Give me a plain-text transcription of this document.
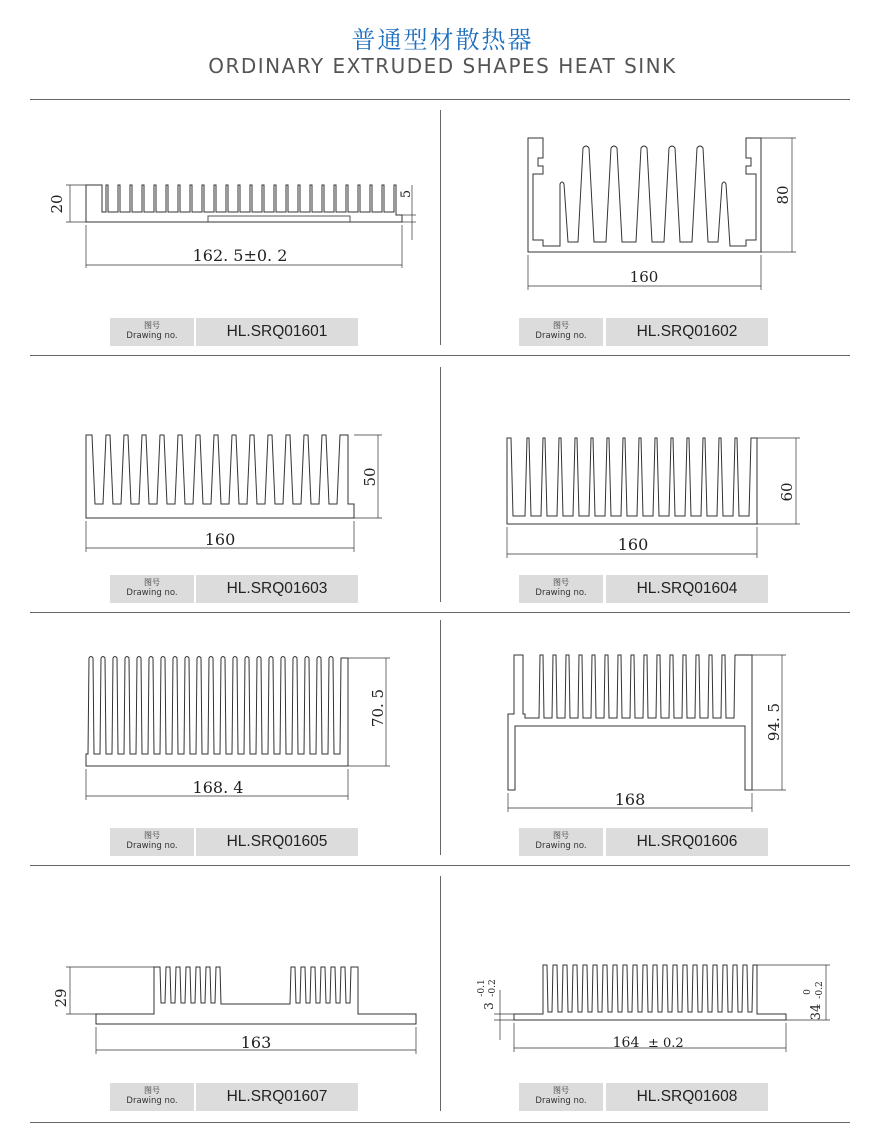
普通型材散热器
ORDINARY EXTRUDED SHAPES HEAT SINK
20
5
162. 5±0. 2
图号
Drawing no.	HL.SRQ01601
80
160
图号
Drawing no.	HL.SRQ01602
50
160
图号
Drawing no.	HL.SRQ01603
60
160
图号
Drawing no.	HL.SRQ01604
70. 5
168. 4
图号
Drawing no.	HL.SRQ01605
94. 5
168
图号
Drawing no.	HL.SRQ01606
29
163
图号
Drawing no.	HL.SRQ01607
3
-0.1 -0.2
34
0 -0.2
164 ± 0.2
图号
Drawing no.	HL.SRQ01608
